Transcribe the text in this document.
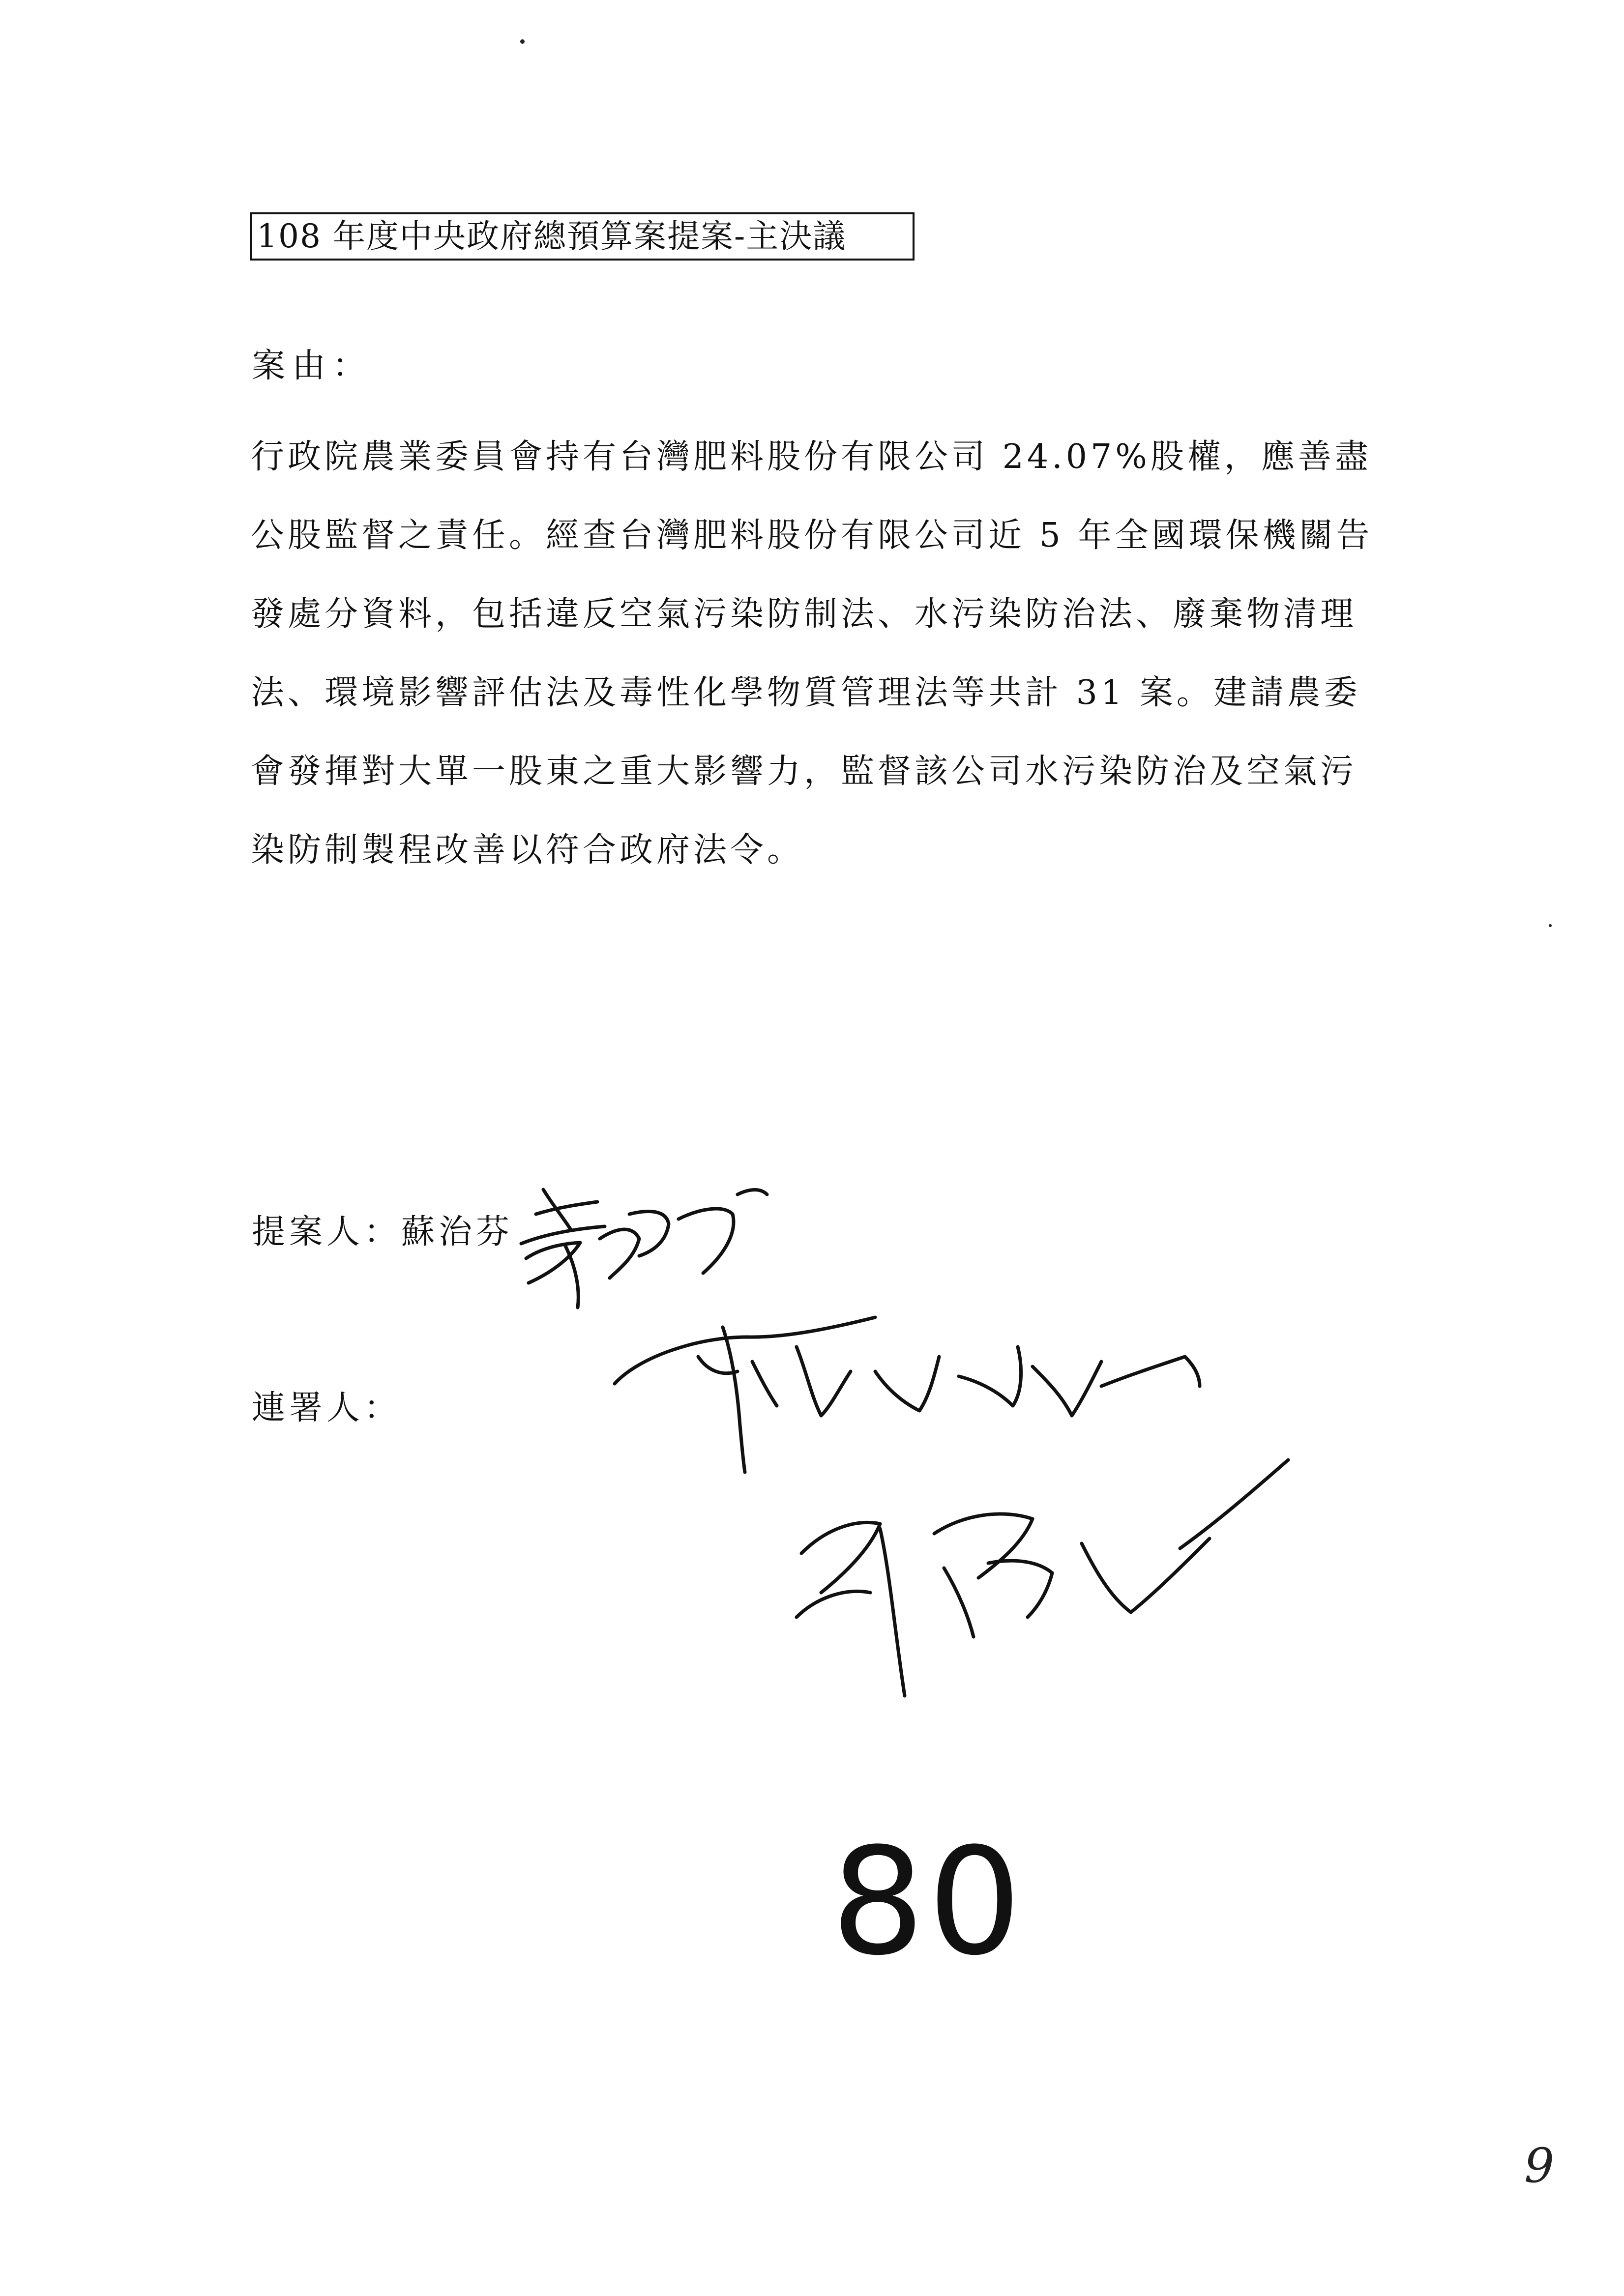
108 年度中央政府總預算案提案-主決議
案由：
行政院農業委員會持有台灣肥料股份有限公司 24.07%股權，應善盡
公股監督之責任。經查台灣肥料股份有限公司近 5 年全國環保機關告
發處分資料，包括違反空氣污染防制法、水污染防治法、廢棄物清理
法、環境影響評估法及毒性化學物質管理法等共計 31 案。建請農委
會發揮對大單一股東之重大影響力，監督該公司水污染防治及空氣污
染防制製程改善以符合政府法令。
提案人：蘇治芬
連署人：
80
9
